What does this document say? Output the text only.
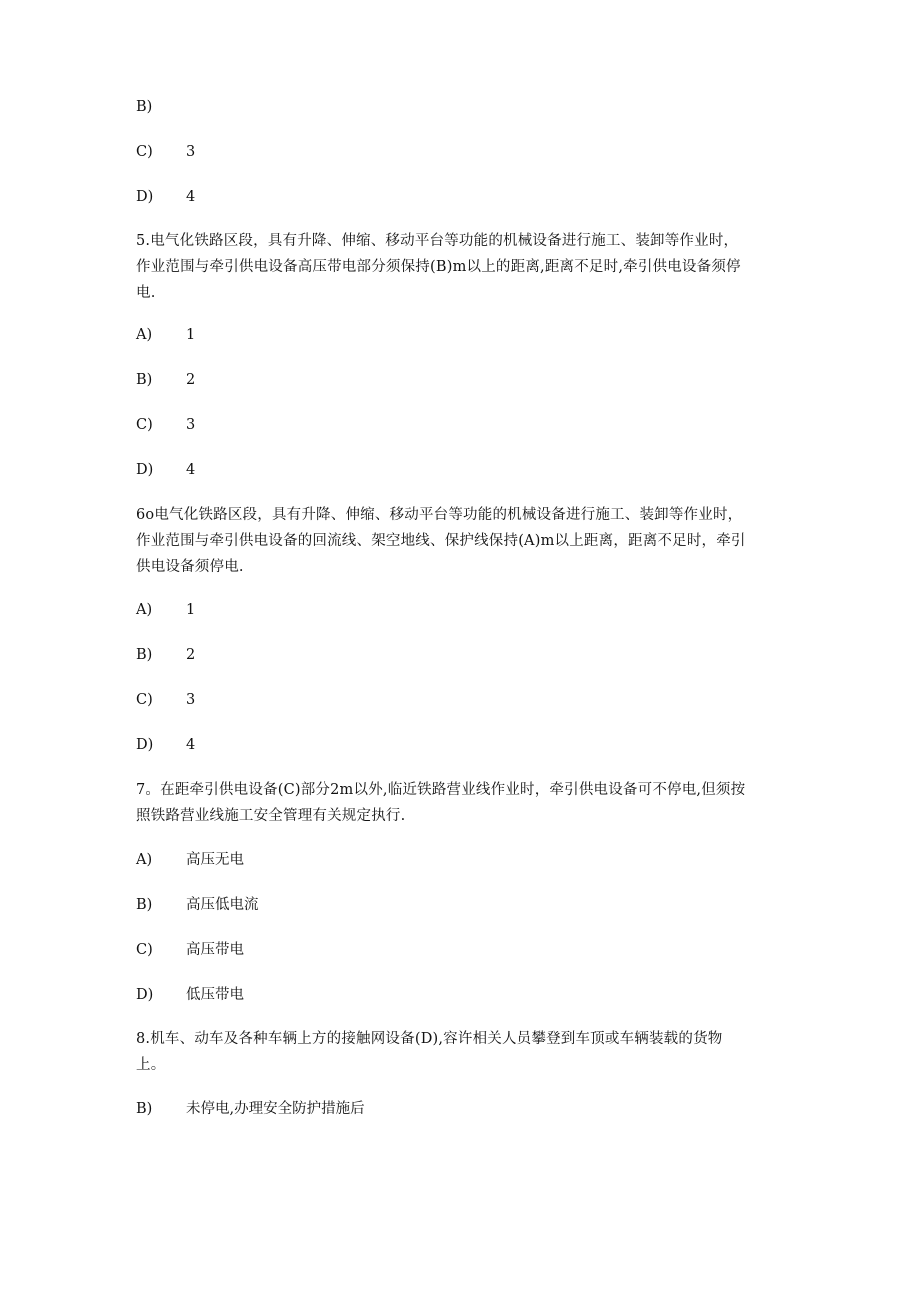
B)
C) 3
D) 4
5.电气化铁路区段，具有升降、伸缩、移动平台等功能的机械设备进行施工、装卸等作业时，
作业范围与牵引供电设备高压带电部分须保持(B)m以上的距离,距离不足时,牵引供电设备须停
电.
A) 1
B) 2
C) 3
D) 4
6o电气化铁路区段，具有升降、伸缩、移动平台等功能的机械设备进行施工、装卸等作业时，
作业范围与牵引供电设备的回流线、架空地线、保护线保持(A)m以上距离，距离不足时，牵引
供电设备须停电.
A) 1
B) 2
C) 3
D) 4
7。在距牵引供电设备(C)部分2m以外,临近铁路营业线作业时，牵引供电设备可不停电,但须按
照铁路营业线施工安全管理有关规定执行.
A) 高压无电
B) 高压低电流
C) 高压带电
D) 低压带电
8.机车、动车及各种车辆上方的接触网设备(D),容许相关人员攀登到车顶或车辆装载的货物
上。
B) 未停电,办理安全防护措施后
